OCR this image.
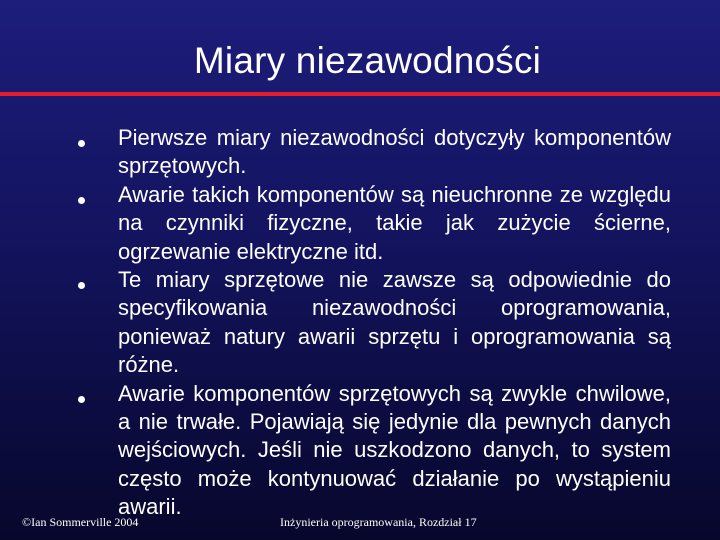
Miary niezawodności
Pierwsze miary niezawodności dotyczyły komponentów sprzętowych.
Awarie takich komponentów są nieuchronne ze względu na czynniki fizyczne, takie jak zużycie ścierne, ogrzewanie elektryczne itd.
Te miary sprzętowe nie zawsze są odpowiednie do specyfikowania niezawodności oprogramowania, ponieważ natury awarii sprzętu i oprogramowania są różne.
Awarie komponentów sprzętowych są zwykle chwilowe, a nie trwałe. Pojawiają się jedynie dla pewnych danych wejściowych. Jeśli nie uszkodzono danych, to system często może kontynuować działanie po wystąpieniu awarii.
©Ian Sommerville 2004	Inżynieria oprogramowania, Rozdział 17
